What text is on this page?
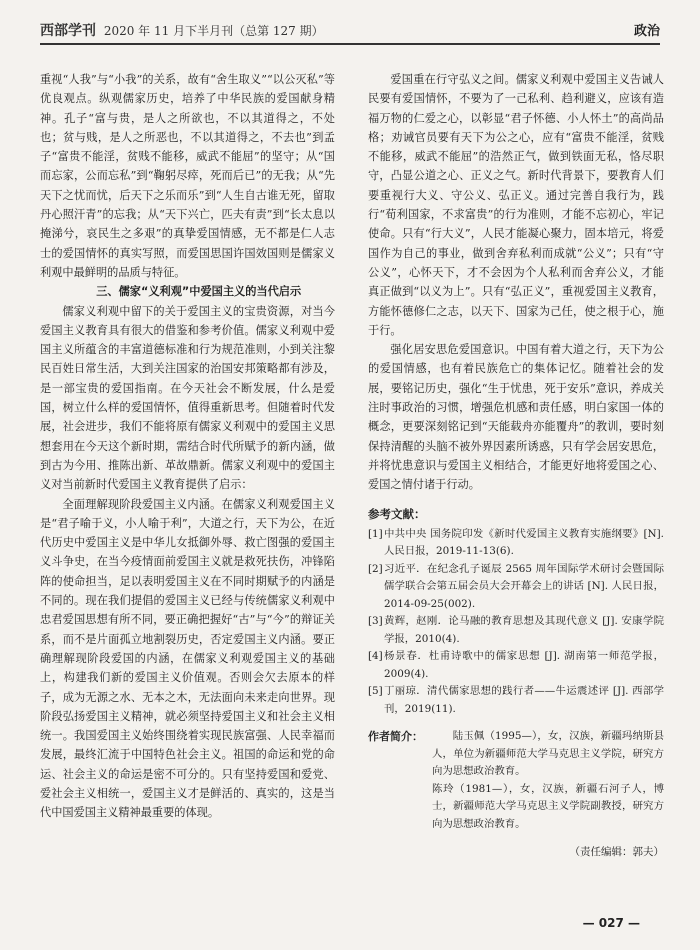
西部学刊 2020 年 11 月下半月刊（总第 127 期）	政治

重视“人我”与“小我”的关系，故有“舍生取义”“以公灭私”等优良观点。纵观儒家历史，培养了中华民族的爱国献身精神。孔子“富与贵，是人之所欲也，不以其道得之，不处也；贫与贱，是人之所恶也，不以其道得之，不去也”到孟子“富贵不能淫，贫贱不能移，威武不能屈”的坚守；从“国而忘家，公而忘私”到“鞠躬尽瘁，死而后已”的无我；从“先天下之忧而忧，后天下之乐而乐”到“人生自古谁无死，留取丹心照汗青”的忘我；从“天下兴亡，匹夫有责”到“长太息以掩涕兮，哀民生之多艰”的真挚爱国情感，无不都是仁人志士的爱国情怀的真实写照，而爱国思国许国效国则是儒家义利观中最鲜明的品质与特征。

三、儒家“义利观”中爱国主义的当代启示

儒家义利观中留下的关于爱国主义的宝贵资源，对当今爱国主义教育具有很大的借鉴和参考价值。儒家义利观中爱国主义所蕴含的丰富道德标准和行为规范准则，小到关注黎民百姓日常生活，大到关注国家的治国安邦策略都有涉及，是一部宝贵的爱国指南。在今天社会不断发展，什么是爱国，树立什么样的爱国情怀，值得重新思考。但随着时代发展，社会进步，我们不能将原有儒家义利观中的爱国主义思想套用在今天这个新时期，需结合时代所赋予的新内涵，做到古为今用、推陈出新、革故鼎新。儒家义利观中的爱国主义对当前新时代爱国主义教育提供了启示：

全面理解现阶段爱国主义内涵。在儒家义利观爱国主义是“君子喻于义，小人喻于利”，大道之行，天下为公，在近代历史中爱国主义是中华儿女抵御外辱、救亡图强的爱国主义斗争史，在当今疫情面前爱国主义就是救死扶伤，冲锋陷阵的使命担当，足以表明爱国主义在不同时期赋予的内涵是不同的。现在我们提倡的爱国主义已经与传统儒家义利观中忠君爱国思想有所不同，要正确把握好“古”与“今”的辩证关系，而不是片面孤立地割裂历史，否定爱国主义内涵。要正确理解现阶段爱国的内涵，在儒家义利观爱国主义的基础上，构建我们新的爱国主义价值观。否则会欠去原本的样子，成为无源之水、无本之木，无法面向未来走向世界。现阶段弘扬爱国主义精神，就必须坚持爱国主义和社会主义相统一。我国爱国主义始终围绕着实现民族富强、人民幸福而发展，最终汇流于中国特色社会主义。祖国的命运和党的命运、社会主义的命运是密不可分的。只有坚持爱国和爱党、爱社会主义相统一，爱国主义才是鲜活的、真实的，这是当代中国爱国主义精神最重要的体现。

爱国重在行守弘义之间。儒家义利观中爱国主义告诫人民要有爱国情怀，不要为了一己私利、趋利避义，应该有造福万物的仁爱之心，以彰显“君子怀德、小人怀土”的高尚品格；劝诫官员要有天下为公之心，应有“富贵不能淫，贫贱不能移，威武不能屈”的浩然正气，做到铁面无私，恪尽职守，凸显公道之心、正义之气。新时代背景下，要教育人们要重视行大义、守公义、弘正义。通过完善自我行为，践行“荀利国家，不求富贵”的行为准则，才能不忘初心，牢记使命。只有“行大义”，人民才能凝心聚力，固本培元，将爱国作为自己的事业，做到舍弃私利而成就“公义”；只有“守公义”，心怀天下，才不会因为个人私利而舍弃公义，才能真正做到“以义为上”。只有“弘正义”，重视爱国主义教育，方能怀德修仁之志，以天下、国家为己任，使之根于心，施于行。

强化居安思危爱国意识。中国有着大道之行，天下为公的爱国情感，也有着民族危亡的集体记忆。随着社会的发展，要铭记历史，强化“生于忧患，死于安乐”意识，养成关注时事政治的习惯，增强危机感和责任感，明白家国一体的概念，更要深刻铭记到“天能载舟亦能覆舟”的教训，要时刻保持清醒的头脑不被外界因素所诱惑，只有学会居安思危，并将忧患意识与爱国主义相结合，才能更好地将爱国之心、爱国之情付诸于行动。

参考文献：
[1] 中共中央 国务院印发《新时代爱国主义教育实施纲要》[N]. 人民日报，2019-11-13(6).
[2] 习近平．在纪念孔子诞辰 2565 周年国际学术研讨会暨国际儒学联合会第五届会员大会开幕会上的讲话 [N]. 人民日报，2014-09-25(002).
[3] 黄辉，赵刚．论马融的教育思想及其现代意义 [J]. 安康学院学报，2010(4).
[4] 杨景春．杜甫诗歌中的儒家思想 [J]. 湖南第一师范学报，2009(4).
[5] 丁丽琼．清代儒家思想的践行者——牛运震述评 [J]. 西部学刊，2019(11).
作者简介：	陆玉佩（1995—），女，汉族，新疆玛纳斯县人，单位为新疆师范大学马克思主义学院，研究方向为思想政治教育。

陈玲（1981—），女，汉族，新疆石河子人，博士，新疆师范大学马克思主义学院副教授，研究方向为思想政治教育。

（责任编辑：郭夫）
— 027 —
